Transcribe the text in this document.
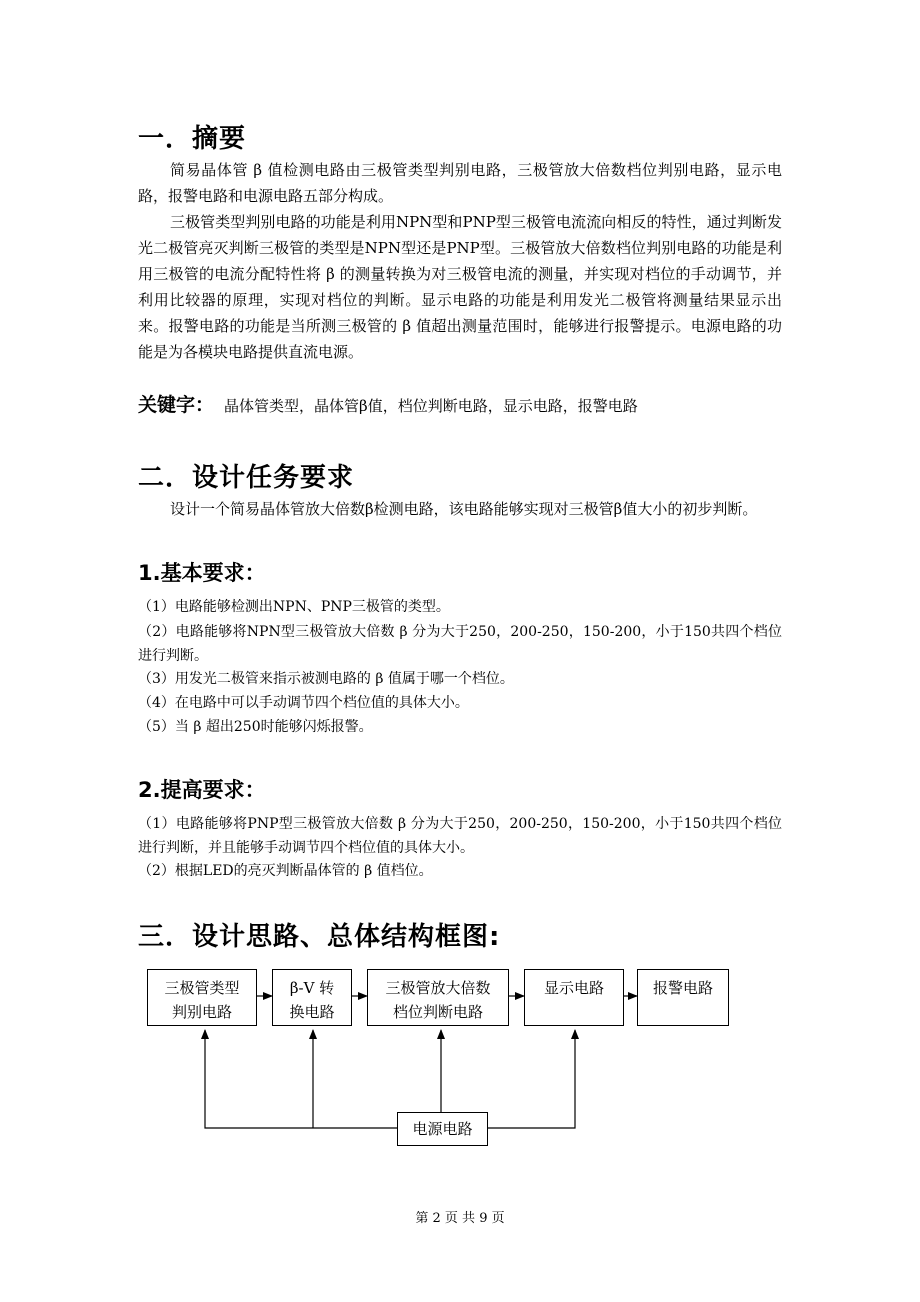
一．摘要

简易晶体管 β 值检测电路由三极管类型判别电路，三极管放大倍数档位判别电路，显示电路，报警电路和电源电路五部分构成。

三极管类型判别电路的功能是利用NPN型和PNP型三极管电流流向相反的特性，通过判断发光二极管亮灭判断三极管的类型是NPN型还是PNP型。三极管放大倍数档位判别电路的功能是利用三极管的电流分配特性将 β 的测量转换为对三极管电流的测量，并实现对档位的手动调节，并利用比较器的原理，实现对档位的判断。显示电路的功能是利用发光二极管将测量结果显示出来。报警电路的功能是当所测三极管的 β 值超出测量范围时，能够进行报警提示。电源电路的功能是为各模块电路提供直流电源。

关键字： 晶体管类型，晶体管β值，档位判断电路，显示电路，报警电路
二．设计任务要求

设计一个简易晶体管放大倍数β检测电路，该电路能够实现对三极管β值大小的初步判断。

1.基本要求：

（1）电路能够检测出NPN、PNP三极管的类型。

（2）电路能够将NPN型三极管放大倍数 β 分为大于250，200-250，150-200，小于150共四个档位进行判断。

（3）用发光二极管来指示被测电路的 β 值属于哪一个档位。

（4）在电路中可以手动调节四个档位值的具体大小。

（5）当 β 超出250时能够闪烁报警。

2.提高要求：

（1）电路能够将PNP型三极管放大倍数 β 分为大于250，200-250，150-200，小于150共四个档位进行判断，并且能够手动调节四个档位值的具体大小。

（2）根据LED的亮灭判断晶体管的 β 值档位。

三．设计思路、总体结构框图:
三极管类型
判别电路
β-V 转
换电路
三极管放大倍数
档位判断电路
显示电路	报警电路
电源电路
第 2 页 共 9 页
